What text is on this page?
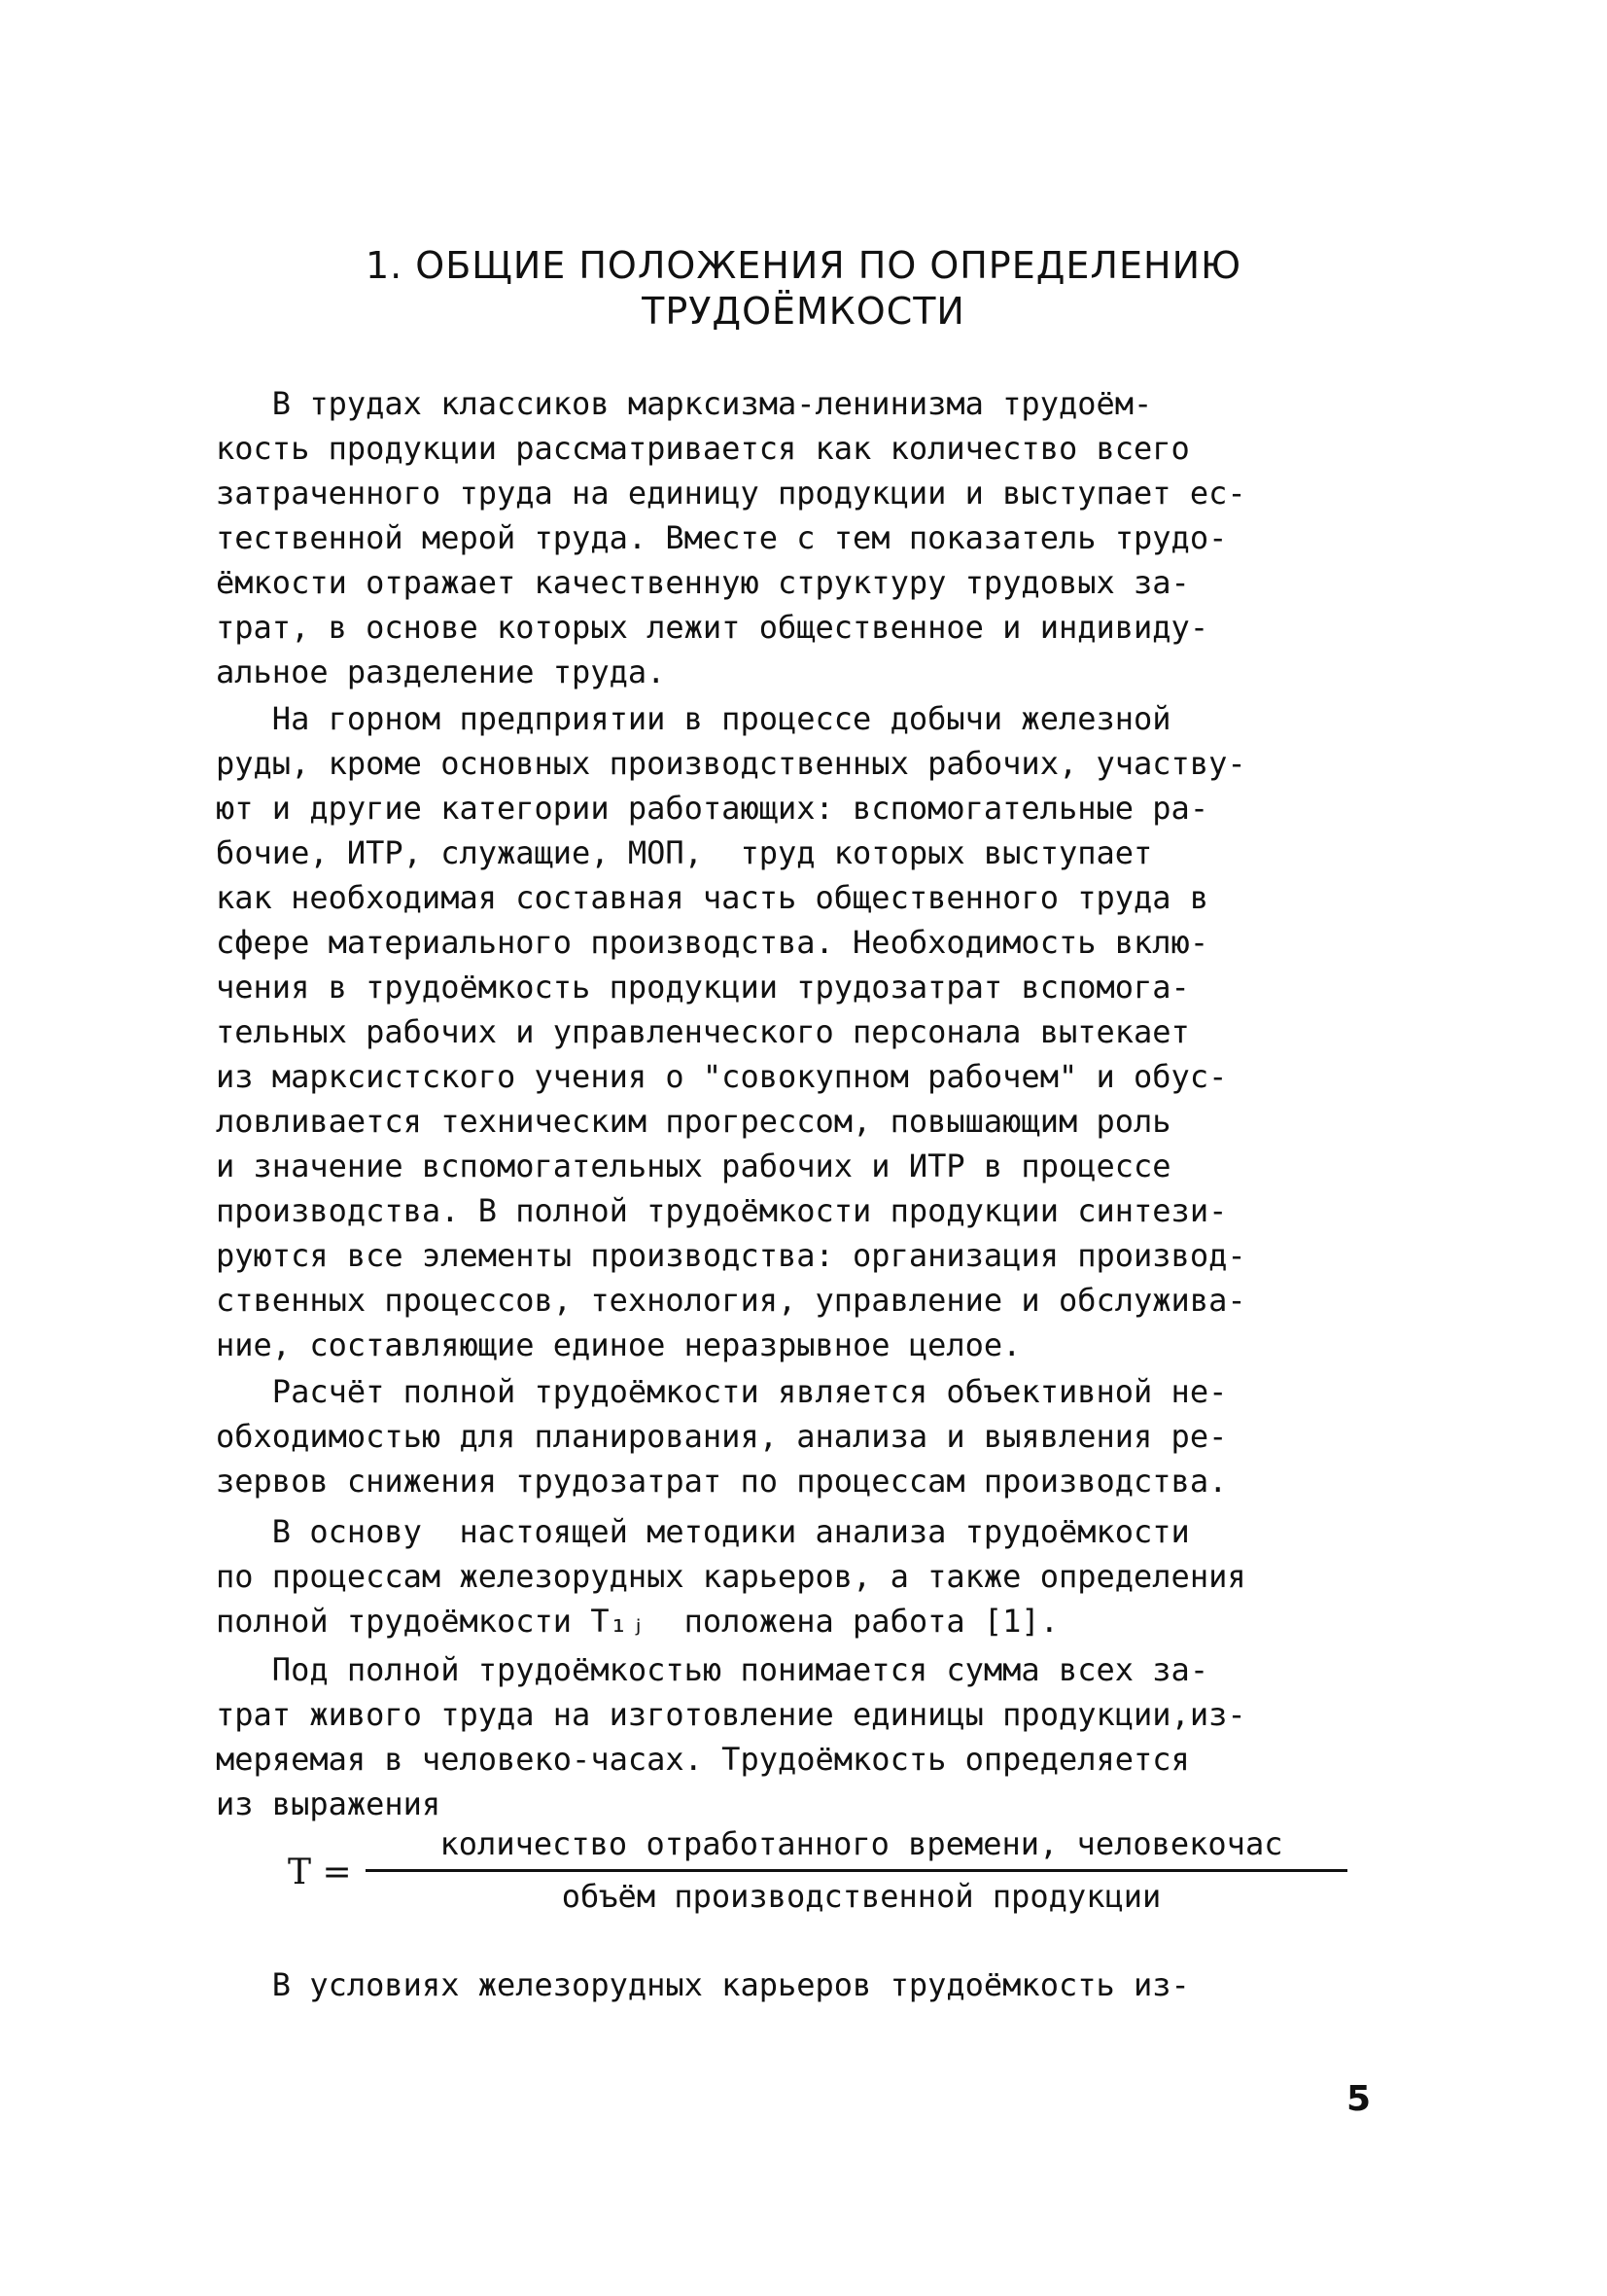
1. ОБЩИЕ ПОЛОЖЕНИЯ ПО ОПРЕДЕЛЕНИЮ
ТРУДОЁМКОСТИ
В трудах классиков марксизма-ленинизма трудоём-
кость продукции рассматривается как количество всего
затраченного труда на единицу продукции и выступает ес-
тественной мерой труда. Вместе с тем показатель трудо-
ёмкости отражает качественную структуру трудовых за-
трат, в основе которых лежит общественное и индивиду-
альное разделение труда.
На горном предприятии в процессе добычи железной
руды, кроме основных производственных рабочих, участву-
ют и другие категории работающих: вспомогательные ра-
бочие, ИТР, служащие, МОП,  труд которых выступает
как необходимая составная часть общественного труда в
сфере материального производства. Необходимость вклю-
чения в трудоёмкость продукции трудозатрат вспомога-
тельных рабочих и управленческого персонала вытекает
из марксистского учения о "совокупном рабочем" и обус-
ловливается техническим прогрессом, повышающим роль
и значение вспомогательных рабочих и ИТР в процессе
производства. В полной трудоёмкости продукции синтези-
руются все элементы производства: организация производ-
ственных процессов, технология, управление и обслужива-
ние, составляющие единое неразрывное целое.
Расчёт полной трудоёмкости является объективной не-
обходимостью для планирования, анализа и выявления ре-
зервов снижения трудозатрат по процессам производства.
В основу  настоящей методики анализа трудоёмкости
по процессам железорудных карьеров, а также определения
полной трудоёмкости T₁ⱼ  положена работа [1].
Под полной трудоёмкостью понимается сумма всех за-
трат живого труда на изготовление единицы продукции,из-
меряемая в человеко-часах. Трудоёмкость определяется
из выражения
T =
количество отработанного времени, человекочас
объём производственной продукции
В условиях железорудных карьеров трудоёмкость из-
5
